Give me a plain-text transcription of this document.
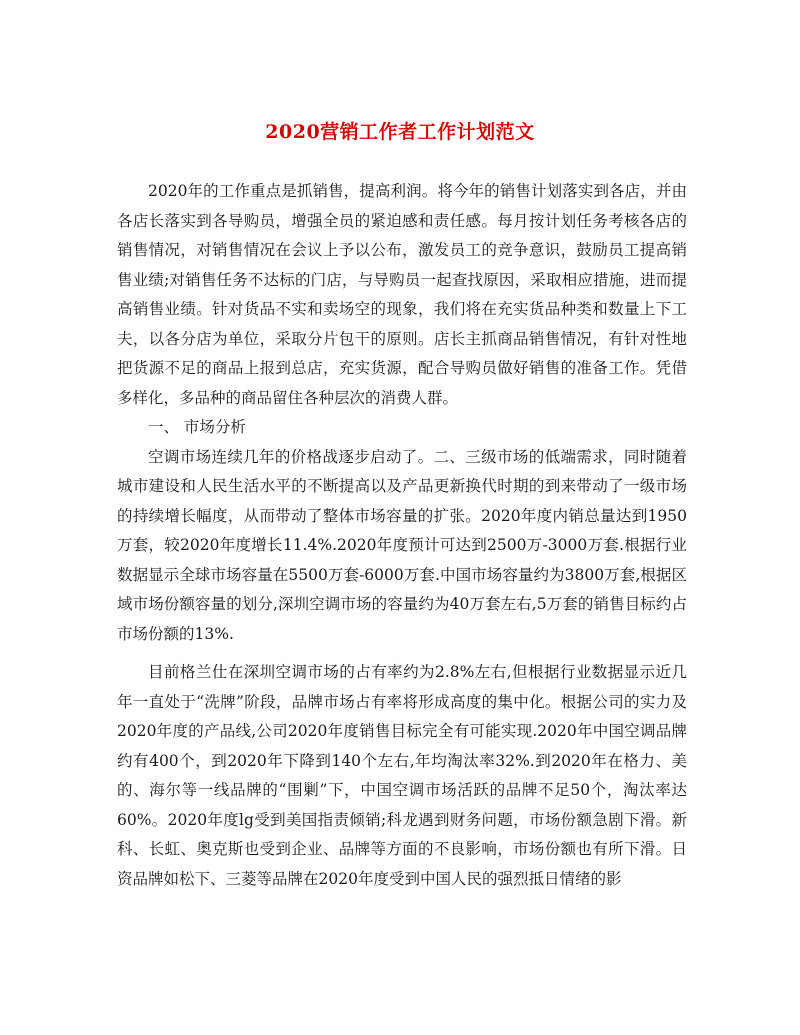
2020营销工作者工作计划范文

2020年的工作重点是抓销售，提高利润。将今年的销售计划落实到各店，并由各店长落实到各导购员，增强全员的紧迫感和责任感。每月按计划任务考核各店的销售情况，对销售情况在会议上予以公布，激发员工的竞争意识，鼓励员工提高销售业绩;对销售任务不达标的门店，与导购员一起查找原因，采取相应措施，进而提高销售业绩。针对货品不实和卖场空的现象，我们将在充实货品种类和数量上下工夫，以各分店为单位，采取分片包干的原则。店长主抓商品销售情况，有针对性地把货源不足的商品上报到总店，充实货源，配合导购员做好销售的准备工作。凭借多样化，多品种的商品留住各种层次的消费人群。

一、 市场分析

空调市场连续几年的价格战逐步启动了。二、三级市场的低端需求，同时随着城市建设和人民生活水平的不断提高以及产品更新换代时期的到来带动了一级市场的持续增长幅度，从而带动了整体市场容量的扩张。2020年度内销总量达到1950万套，较2020年度增长11.4%.2020年度预计可达到2500万-3000万套.根据行业数据显示全球市场容量在5500万套-6000万套.中国市场容量约为3800万套,根据区域市场份额容量的划分,深圳空调市场的容量约为40万套左右,5万套的销售目标约占市场份额的13%.

目前格兰仕在深圳空调市场的占有率约为2.8%左右,但根据行业数据显示近几年一直处于“洗牌”阶段，品牌市场占有率将形成高度的集中化。根据公司的实力及2020年度的产品线,公司2020年度销售目标完全有可能实现.2020年中国空调品牌约有400个，到2020年下降到140个左右,年均淘汰率32%.到2020年在格力、美的、海尔等一线品牌的“围剿”下，中国空调市场活跃的品牌不足50个，淘汰率达60%。2020年度lg受到美国指责倾销;科龙遇到财务问题，市场份额急剧下滑。新科、长虹、奥克斯也受到企业、品牌等方面的不良影响，市场份额也有所下滑。日资品牌如松下、三菱等品牌在2020年度受到中国人民的强烈抵日情绪的影
